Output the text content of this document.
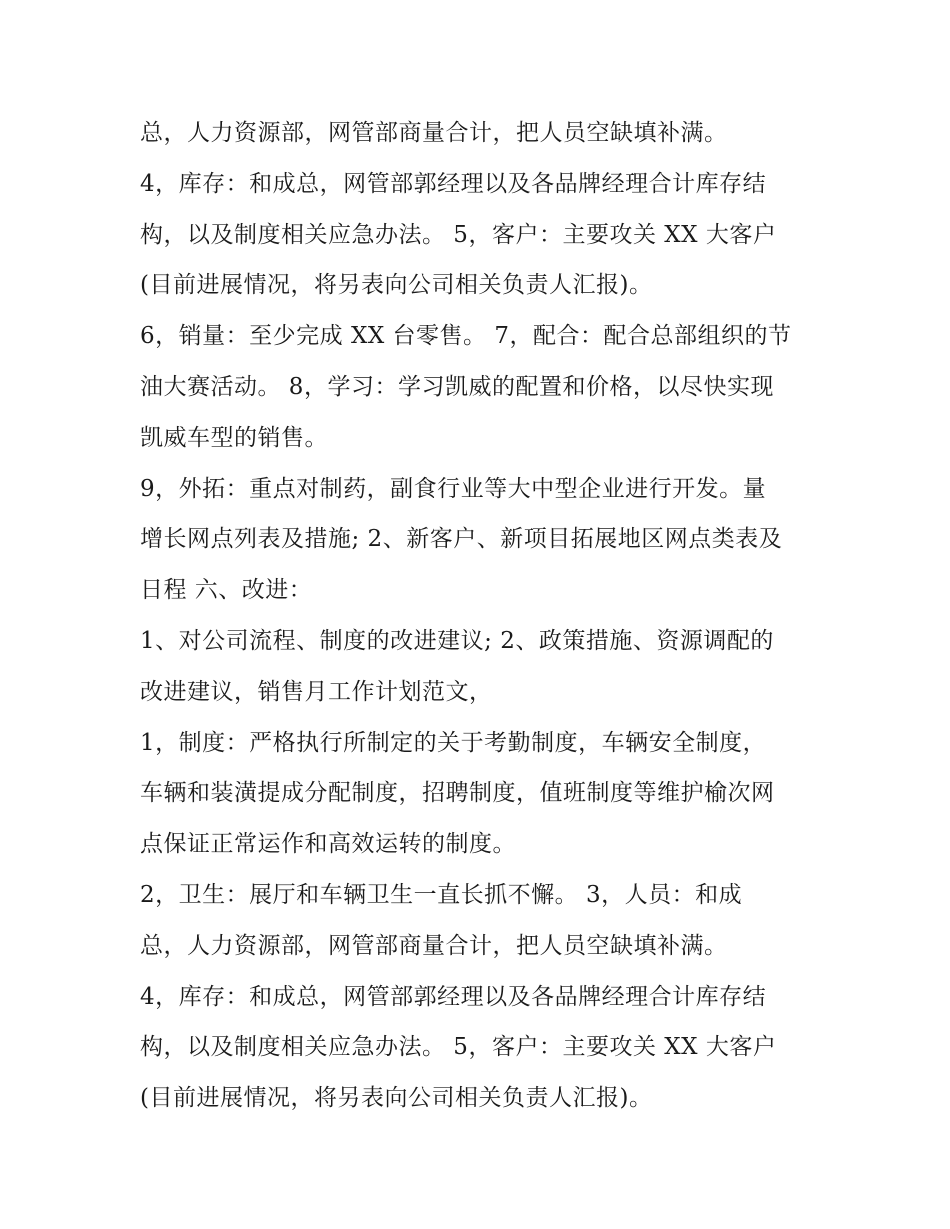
总，人力资源部，网管部商量合计，把人员空缺填补满。
4，库存：和成总，网管部郭经理以及各品牌经理合计库存结
构，以及制度相关应急办法。 5，客户：主要攻关 XX 大客户
(目前进展情况，将另表向公司相关负责人汇报)。
6，销量：至少完成 XX 台零售。 7，配合：配合总部组织的节
油大赛活动。 8，学习：学习凯威的配置和价格，以尽快实现
凯威车型的销售。
9，外拓：重点对制药，副食行业等大中型企业进行开发。量
增长网点列表及措施; 2、新客户、新项目拓展地区网点类表及
日程 六、改进：
1、对公司流程、制度的改进建议; 2、政策措施、资源调配的
改进建议，销售月工作计划范文，
1，制度：严格执行所制定的关于考勤制度，车辆安全制度，
车辆和装潢提成分配制度，招聘制度，值班制度等维护榆次网
点保证正常运作和高效运转的制度。
2，卫生：展厅和车辆卫生一直长抓不懈。 3，人员：和成
总，人力资源部，网管部商量合计，把人员空缺填补满。
4，库存：和成总，网管部郭经理以及各品牌经理合计库存结
构，以及制度相关应急办法。 5，客户：主要攻关 XX 大客户
(目前进展情况，将另表向公司相关负责人汇报)。
